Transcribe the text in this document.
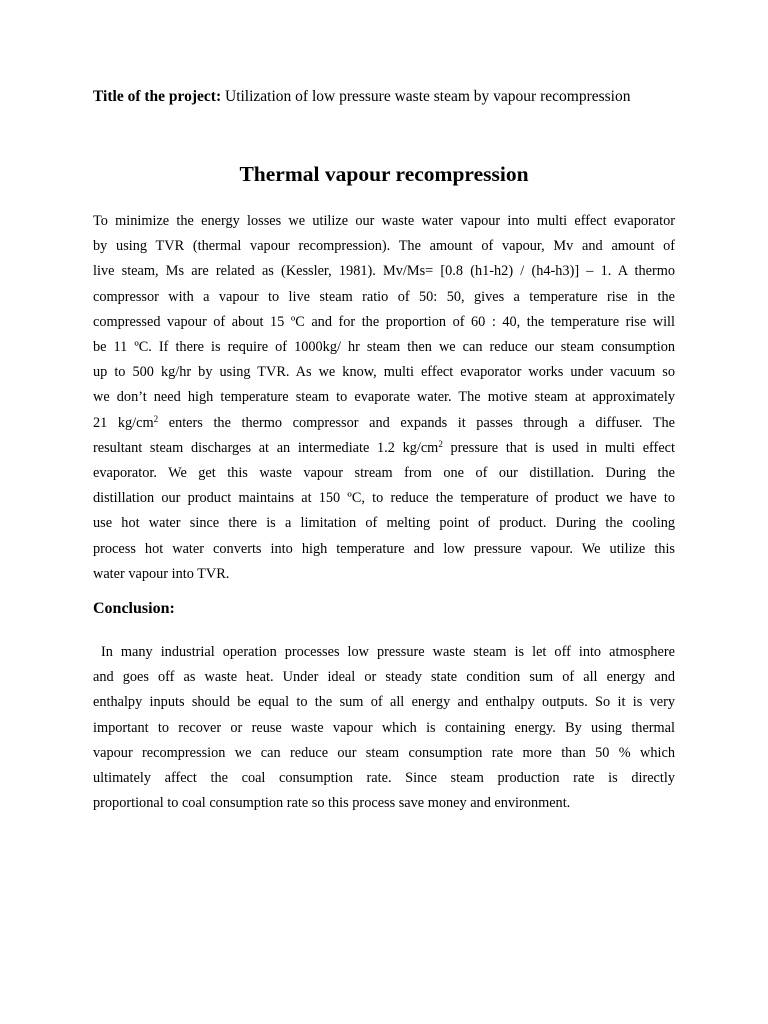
Title of the project: Utilization of low pressure waste steam by vapour recompression

Thermal vapour recompression
To minimize the energy losses we utilize our waste water vapour into multi effect evaporator
by using TVR (thermal vapour recompression). The amount of vapour, Mv and amount of
live steam, Ms are related as (Kessler, 1981). Mv/Ms= [0.8 (h1-h2) / (h4-h3)] – 1. A thermo
compressor with a vapour to live steam ratio of 50: 50, gives a temperature rise in the
compressed vapour of about 15 ºC and for the proportion of 60 : 40, the temperature rise will
be 11 ºC. If there is require of 1000kg/ hr steam then we can reduce our steam consumption
up to 500 kg/hr by using TVR. As we know, multi effect evaporator works under vacuum so
we don’t need high temperature steam to evaporate water. The motive steam at approximately
21 $kg/cm^2$ enters the thermo compressor and expands it passes through a diffuser. The
resultant steam discharges at an intermediate 1.2 $kg/cm^2$ pressure that is used in multi effect
evaporator. We get this waste vapour stream from one of our distillation. During the
distillation our product maintains at 150 ºC, to reduce the temperature of product we have to
use hot water since there is a limitation of melting point of product. During the cooling
process hot water converts into high temperature and low pressure vapour. We utilize this
water vapour into TVR.
Conclusion:
In many industrial operation processes low pressure waste steam is let off into atmosphere
and goes off as waste heat. Under ideal or steady state condition sum of all energy and
enthalpy inputs should be equal to the sum of all energy and enthalpy outputs. So it is very
important to recover or reuse waste vapour which is containing energy. By using thermal
vapour recompression we can reduce our steam consumption rate more than 50 % which
ultimately affect the coal consumption rate. Since steam production rate is directly
proportional to coal consumption rate so this process save money and environment.
